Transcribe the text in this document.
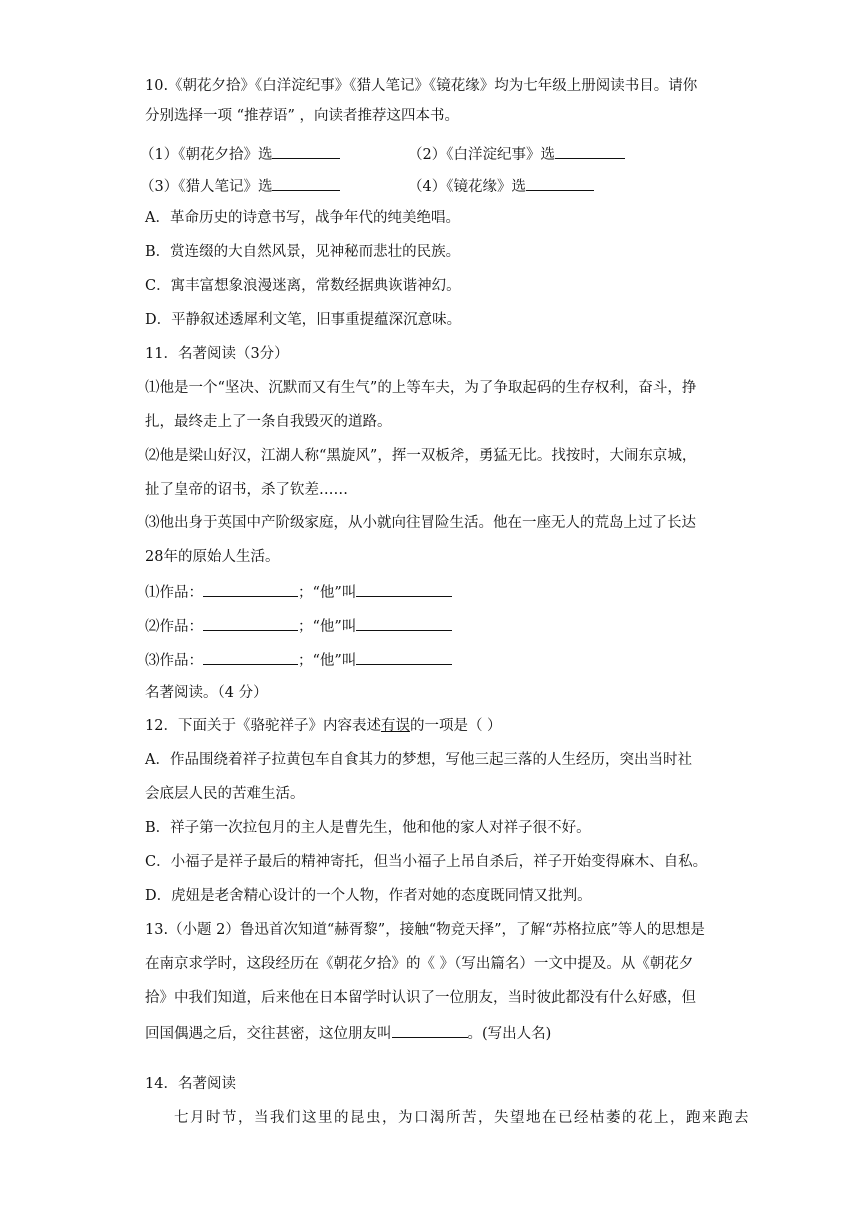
10.《朝花夕拾》《白洋淀纪事》《猎人笔记》《镜花缘》均为七年级上册阅读书目。请你
分别选择一项 “推荐语” ，向读者推荐这四本书。
（1）《朝花夕拾》选	（2）《白洋淀纪事》选
（3）《猎人笔记》选	（4）《镜花缘》选
A．革命历史的诗意书写，战争年代的纯美绝唱。
B．赏连缀的大自然风景，见神秘而悲壮的民族。
C．寓丰富想象浪漫迷离，常数经据典诙谐神幻。
D．平静叙述透犀利文笔，旧事重提蕴深沉意味。
11．名著阅读（3分）
⑴他是一个“坚决、沉默而又有生气”的上等车夫，为了争取起码的生存权利，奋斗，挣
扎，最终走上了一条自我毁灭的道路。
⑵他是梁山好汉，江湖人称“黑旋风”，挥一双板斧，勇猛无比。找按时，大闹东京城，
扯了皇帝的诏书，杀了钦差……
⑶他出身于英国中产阶级家庭，从小就向往冒险生活。他在一座无人的荒岛上过了长达
28年的原始人生活。
⑴作品：	；“他”叫
⑵作品：	；“他”叫
⑶作品：	；“他”叫
名著阅读。（4 分）
12．下面关于《骆驼祥子》内容表述有误的一项是（ ）
A．作品围绕着祥子拉黄包车自食其力的梦想，写他三起三落的人生经历，突出当时社
会底层人民的苦难生活。
B．祥子第一次拉包月的主人是曹先生，他和他的家人对祥子很不好。
C．小福子是祥子最后的精神寄托，但当小福子上吊自杀后，祥子开始变得麻木、自私。
D．虎妞是老舍精心设计的一个人物，作者对她的态度既同情又批判。
13.（小题 2）鲁迅首次知道“赫胥黎”，接触“物竞天择”，了解“苏格拉底”等人的思想是
在南京求学时，这段经历在《朝花夕拾》的《 》（写出篇名）一文中提及。从《朝花夕
拾》中我们知道，后来他在日本留学时认识了一位朋友，当时彼此都没有什么好感，但
回国偶遇之后，交往甚密，这位朋友叫	。(写出人名)
14．名著阅读
七月时节，当我们这里的昆虫，为口渴所苦，失望地在已经枯萎的花上，跑来跑去
